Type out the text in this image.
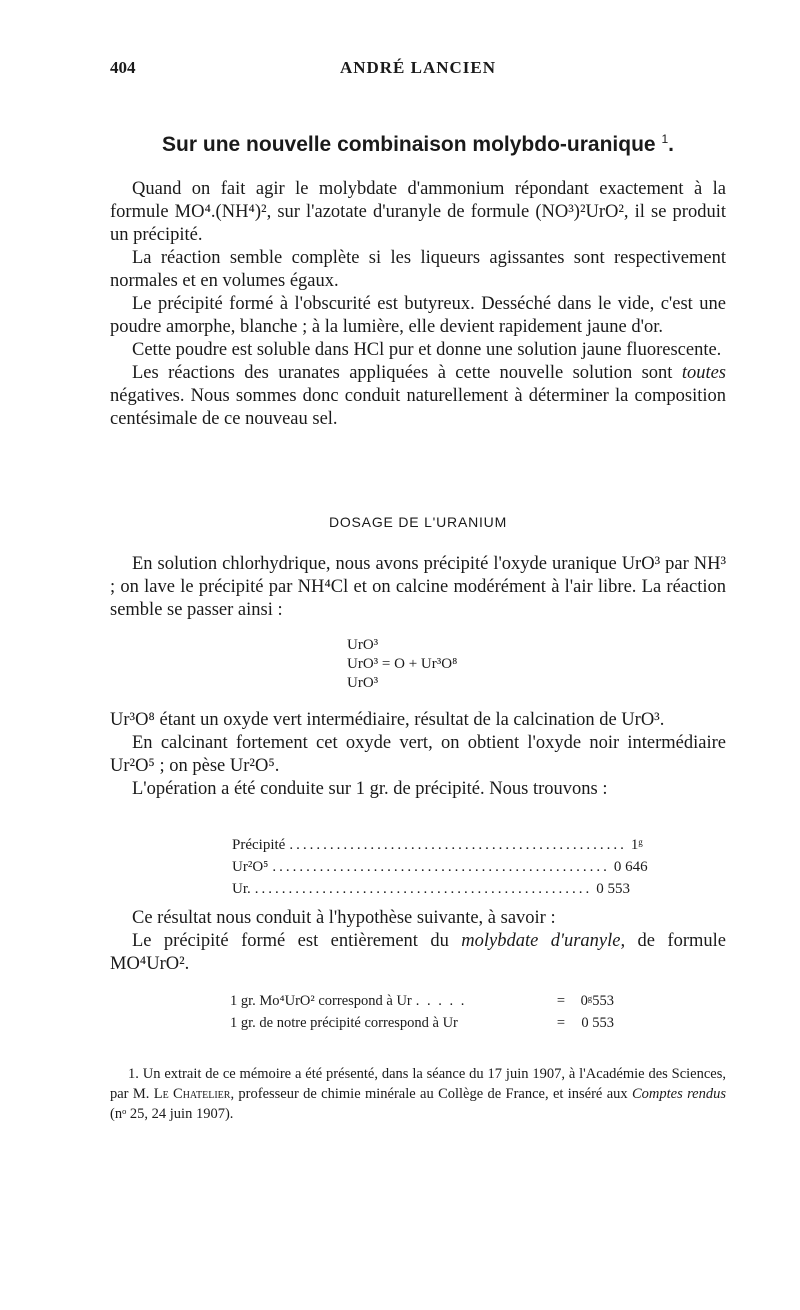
404	ANDRÉ LANCIEN
Sur une nouvelle combinaison molybdo-uranique $^1$.

Quand on fait agir le molybdate d'ammonium répondant exactement à la formule MO⁴.(NH⁴)², sur l'azotate d'uranyle de formule (NO³)²UrO², il se produit un précipité.

La réaction semble complète si les liqueurs agissantes sont respectivement normales et en volumes égaux.

Le précipité formé à l'obscurité est butyreux. Desséché dans le vide, c'est une poudre amorphe, blanche ; à la lumière, elle devient rapidement jaune d'or.

Cette poudre est soluble dans HCl pur et donne une solution jaune fluorescente.

Les réactions des uranates appliquées à cette nouvelle solution sont toutes négatives. Nous sommes donc conduit naturellement à déterminer la composition centésimale de ce nouveau sel.

DOSAGE DE L'URANIUM

En solution chlorhydrique, nous avons précipité l'oxyde uranique UrO³ par NH³ ; on lave le précipité par NH⁴Cl et on calcine modérément à l'air libre. La réaction semble se passer ainsi :

UrO³
UrO³ = O + Ur³O⁸
UrO³

Ur³O⁸ étant un oxyde vert intermédiaire, résultat de la calcination de UrO³.

En calcinant fortement cet oxyde vert, on obtient l'oxyde noir intermédiaire Ur²O⁵ ; on pèse Ur²O⁵.

L'opération a été conduite sur 1 gr. de précipité. Nous trouvons :

Précipité .................................................. 1ᵍ
Ur²O⁵ .................................................. 0 646
Ur. .................................................. 0 553

Ce résultat nous conduit à l'hypothèse suivante, à savoir :

Le précipité formé est entièrement du molybdate d'uranyle, de formule MO⁴UrO².

1 gr. Mo⁴UrO² correspond à Ur . . . . .	=	0ᵍ553
1 gr. de notre précipité correspond à Ur	=	0 553

1. Un extrait de ce mémoire a été présenté, dans la séance du 17 juin 1907, à l'Académie des Sciences, par M. Le Chatelier, professeur de chimie minérale au Collège de France, et inséré aux Comptes rendus (nᵒ 25, 24 juin 1907).
